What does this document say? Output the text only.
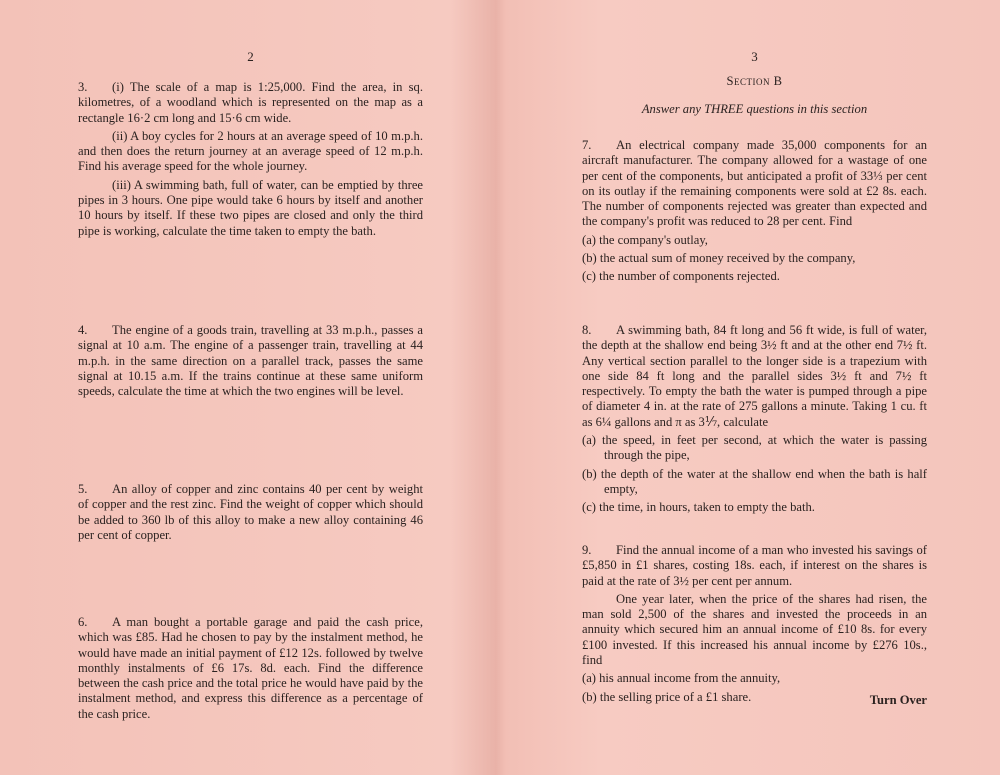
2

3. (i) The scale of a map is 1:25,000. Find the area, in sq. kilometres, of a woodland which is represented on the map as a rectangle 16·2 cm long and 15·6 cm wide.

(ii) A boy cycles for 2 hours at an average speed of 10 m.p.h. and then does the return journey at an average speed of 12 m.p.h. Find his average speed for the whole journey.

(iii) A swimming bath, full of water, can be emptied by three pipes in 3 hours. One pipe would take 6 hours by itself and another 10 hours by itself. If these two pipes are closed and only the third pipe is working, calculate the time taken to empty the bath.

4. The engine of a goods train, travelling at 33 m.p.h., passes a signal at 10 a.m. The engine of a passenger train, travelling at 44 m.p.h. in the same direction on a parallel track, passes the same signal at 10.15 a.m. If the trains continue at these same uniform speeds, calculate the time at which the two engines will be level.

5. An alloy of copper and zinc contains 40 per cent by weight of copper and the rest zinc. Find the weight of copper which should be added to 360 lb of this alloy to make a new alloy containing 46 per cent of copper.

6. A man bought a portable garage and paid the cash price, which was £85. Had he chosen to pay by the instalment method, he would have made an initial payment of £12 12s. followed by twelve monthly instalments of £6 17s. 8d. each. Find the difference between the cash price and the total price he would have paid by the instalment method, and express this difference as a percentage of the cash price.

3
Section B
Answer any THREE questions in this section

7. An electrical company made 35,000 components for an aircraft manufacturer. The company allowed for a wastage of one per cent of the components, but anticipated a profit of 33⅓ per cent on its outlay if the remaining components were sold at £2 8s. each. The number of components rejected was greater than expected and the company's profit was reduced to 28 per cent. Find

(a) the company's outlay,

(b) the actual sum of money received by the company,

(c) the number of components rejected.

8. A swimming bath, 84 ft long and 56 ft wide, is full of water, the depth at the shallow end being 3½ ft and at the other end 7½ ft. Any vertical section parallel to the longer side is a trapezium with one side 84 ft long and the parallel sides 3½ ft and 7½ ft respectively. To empty the bath the water is pumped through a pipe of diameter 4 in. at the rate of 275 gallons a minute. Taking 1 cu. ft as 6¼ gallons and π as 3⅐, calculate

(a) the speed, in feet per second, at which the water is passing through the pipe,

(b) the depth of the water at the shallow end when the bath is half empty,

(c) the time, in hours, taken to empty the bath.

9. Find the annual income of a man who invested his savings of £5,850 in £1 shares, costing 18s. each, if interest on the shares is paid at the rate of 3½ per cent per annum.

One year later, when the price of the shares had risen, the man sold 2,500 of the shares and invested the proceeds in an annuity which secured him an annual income of £10 8s. for every £100 invested. If this increased his annual income by £276 10s., find

(a) his annual income from the annuity,

(b) the selling price of a £1 share.	Turn Over
